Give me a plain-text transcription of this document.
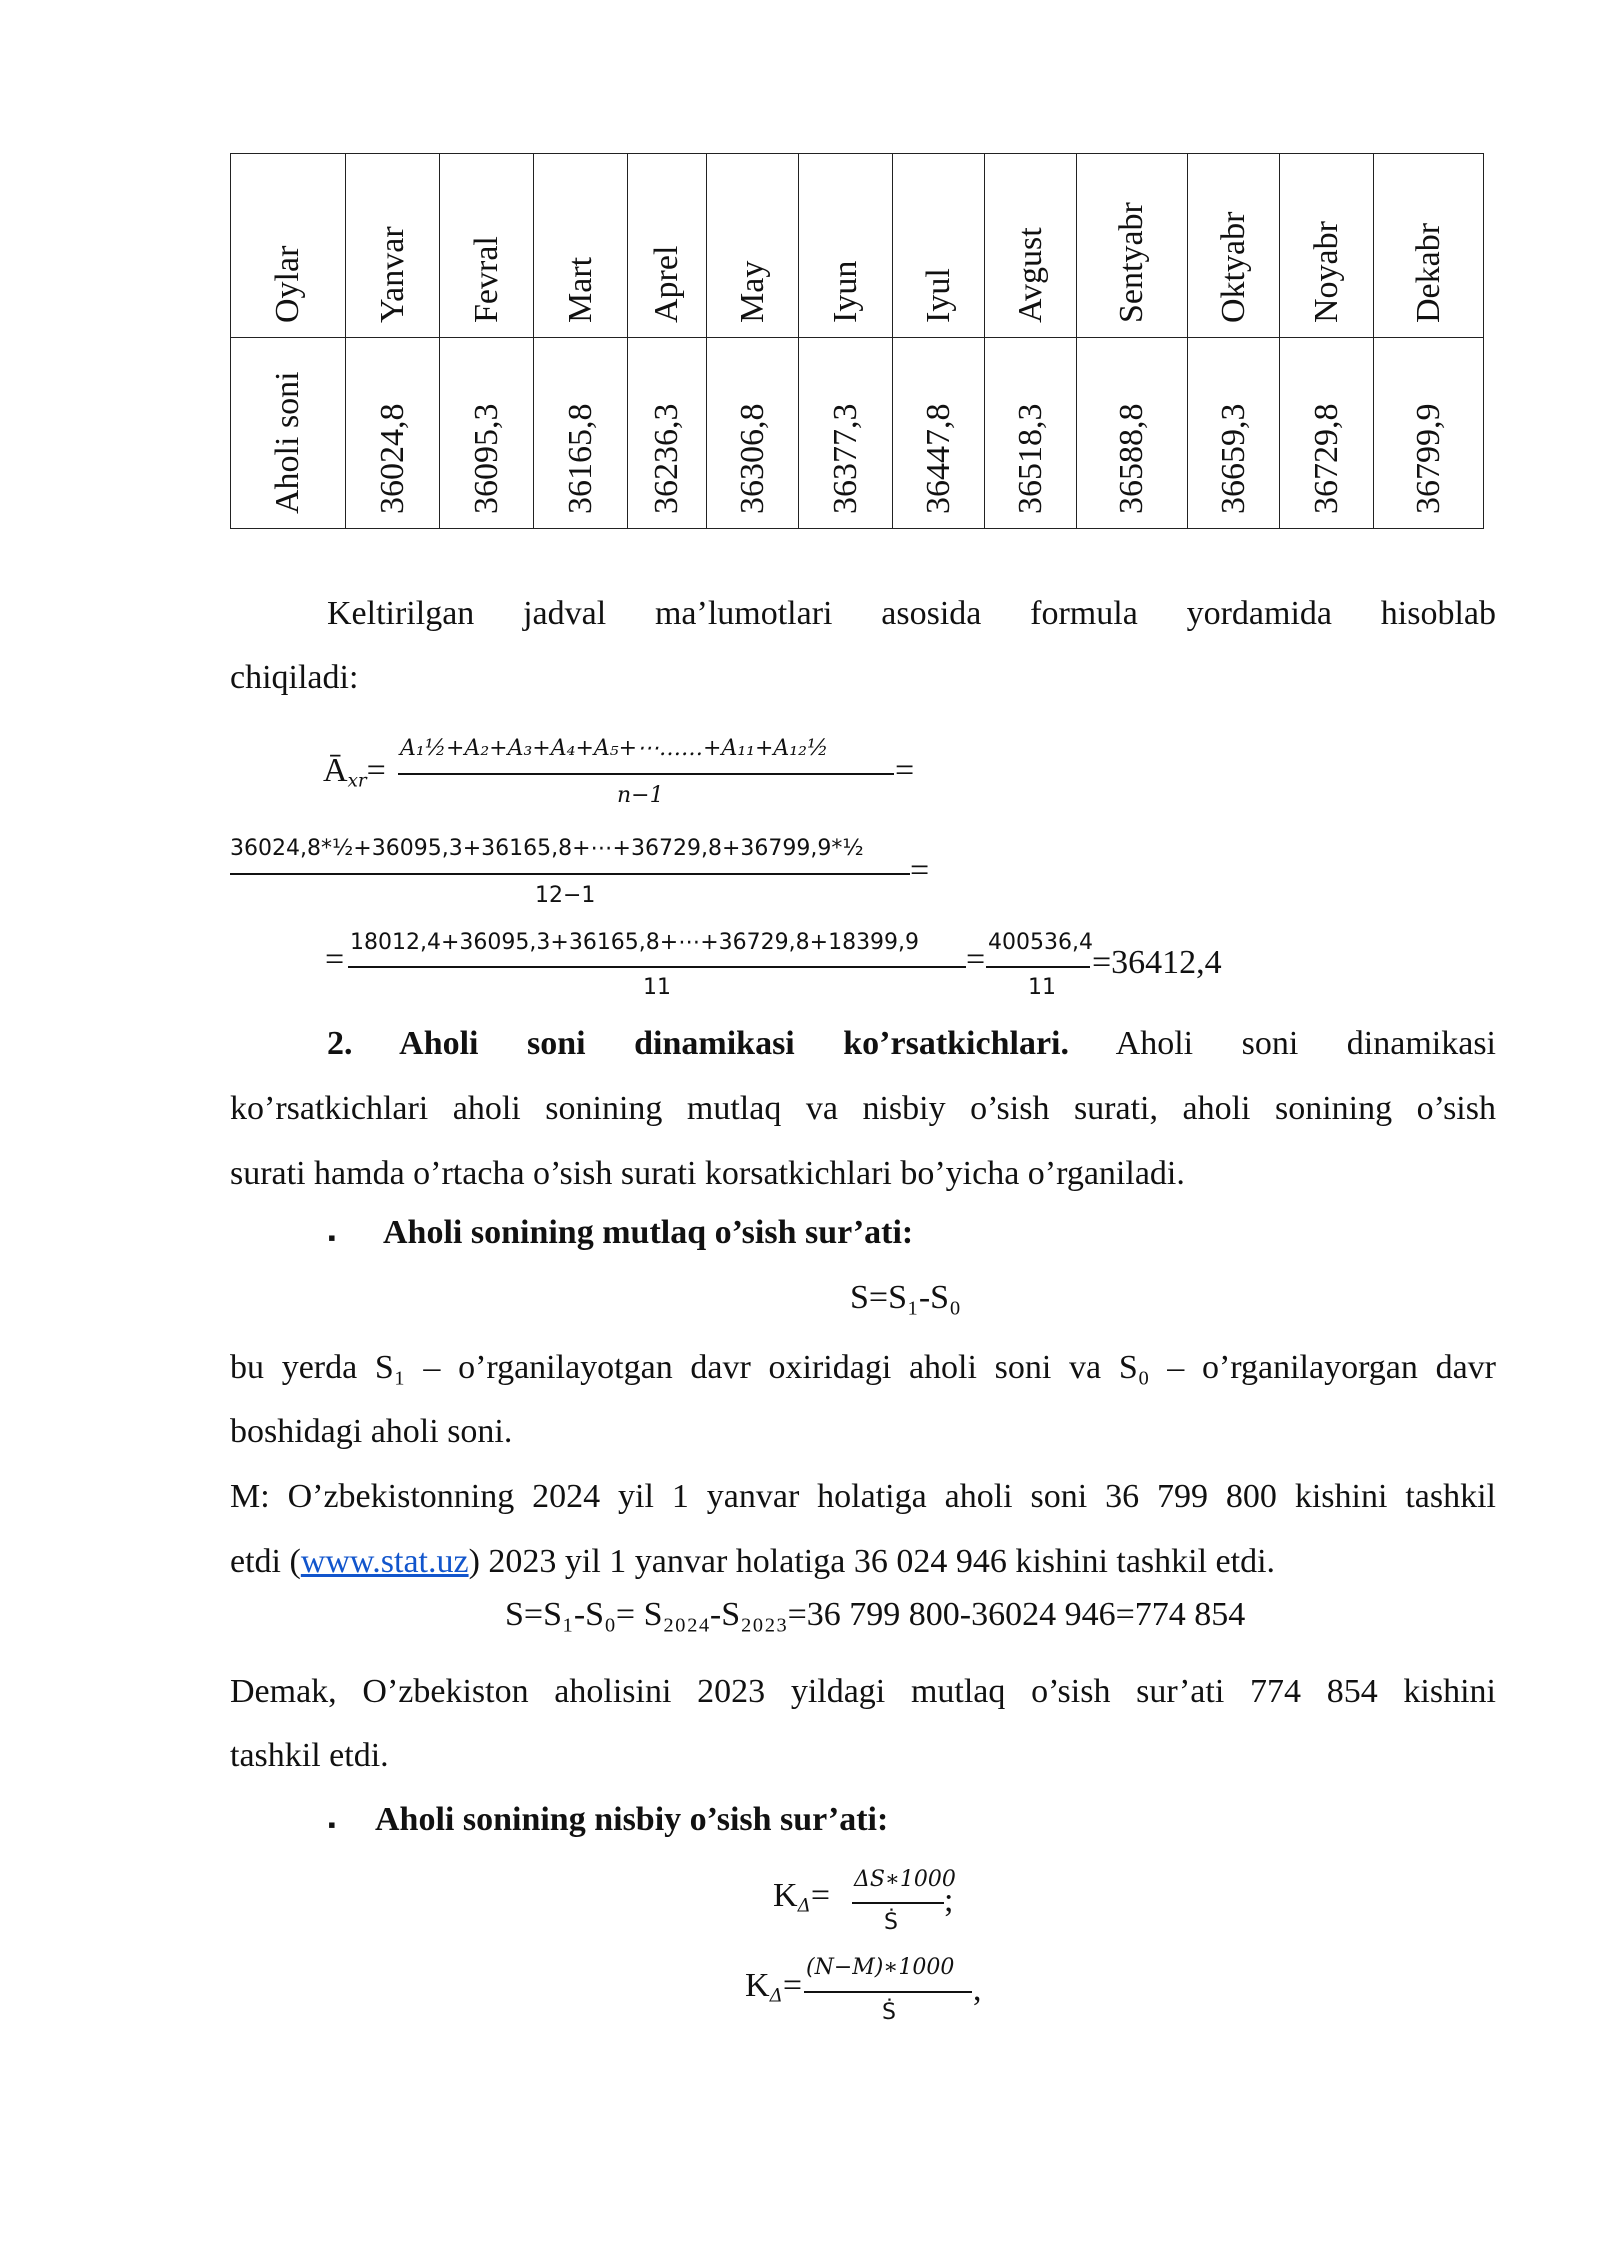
Oylar	Yanvar	Fevral	Mart	Aprel	May	Iyun	Iyul	Avgust	Sentyabr	Oktyabr	Noyabr	Dekabr

Aholi soni	36024,8	36095,3	36165,8	36236,3	36306,8	36377,3	36447,8	36518,3	36588,8	36659,3	36729,8	36799,9
Keltirilgan jadval ma’lumotlari asosida formula yordamida hisoblab
chiqiladi:
$Ā_{xr}=$
A₁½+A₂+A₃+A₄+A₅+⋯……+A₁₁+A₁₂½
n−1
=
36024,8*½+36095,3+36165,8+⋯+36729,8+36799,9*½
12−1
=
= 18012,4+36095,3+36165,8+⋯+36729,8+18399,9
11
= 400536,4
11
=36412,4
2. Aholi soni dinamikasi ko’rsatkichlari. Aholi soni dinamikasi
ko’rsatkichlari aholi sonining mutlaq va nisbiy o’sish surati, aholi sonining o’sish
surati hamda o’rtacha o’sish surati korsatkichlari bo’yicha o’rganiladi.
▪ Aholi sonining mutlaq o’sish sur’ati:
S=S₁-S₀
bu yerda S₁ – o’rganilayotgan davr oxiridagi aholi soni va S₀ – o’rganilayorgan davr
boshidagi aholi soni.
M: O’zbekistonning 2024 yil 1 yanvar holatiga aholi soni 36 799 800 kishini tashkil
etdi (www.stat.uz) 2023 yil 1 yanvar holatiga 36 024 946 kishini tashkil etdi.
S=S₁-S₀= S₂₀₂₄-S₂₀₂₃=36 799 800-36024 946=774 854
Demak, O’zbekiston aholisini 2023 yildagi mutlaq o’sish sur’ati 774 854 kishini
tashkil etdi.
▪ Aholi sonining nisbiy o’sish sur’ati:
$K_\Delta=$ ΔS∗1000
Ṡ
;
$K_\Delta=$ (N−M)∗1000
Ṡ
,
